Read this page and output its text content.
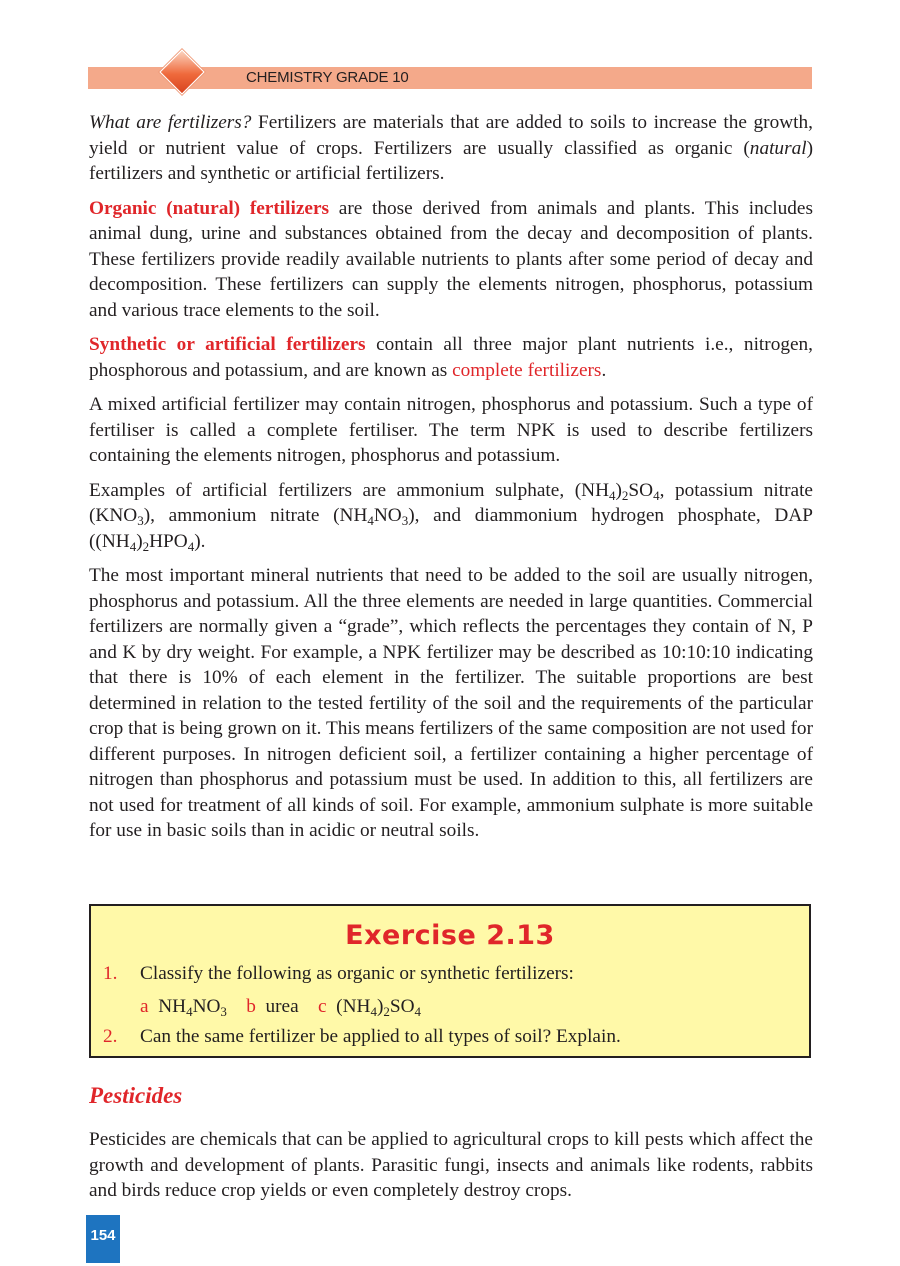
CHEMISTRY GRADE 10

What are fertilizers? Fertilizers are materials that are added to soils to increase the growth, yield or nutrient value of crops. Fertilizers are usually classified as organic (natural) fertilizers and synthetic or artificial fertilizers.

Organic (natural) fertilizers are those derived from animals and plants. This includes animal dung, urine and substances obtained from the decay and decomposition of plants. These fertilizers provide readily available nutrients to plants after some period of decay and decomposition. These fertilizers can supply the elements nitrogen, phosphorus, potassium and various trace elements to the soil.

Synthetic or artificial fertilizers contain all three major plant nutrients i.e., nitrogen, phosphorous and potassium, and are known as complete fertilizers.

A mixed artificial fertilizer may contain nitrogen, phosphorus and potassium. Such a type of fertiliser is called a complete fertiliser. The term NPK is used to describe fertilizers containing the elements nitrogen, phosphorus and potassium.

Examples of artificial fertilizers are ammonium sulphate, $(NH_4)_2SO_4$, potassium nitrate $(KNO_3)$, ammonium nitrate $(NH_4NO_3)$, and diammonium hydrogen phosphate, DAP $((NH_4)_2HPO_4)$.

The most important mineral nutrients that need to be added to the soil are usually nitrogen, phosphorus and potassium. All the three elements are needed in large quantities. Commercial fertilizers are normally given a “grade”, which reflects the percentages they contain of N, P and K by dry weight. For example, a NPK fertilizer may be described as 10:10:10 indicating that there is 10% of each element in the fertilizer. The suitable proportions are best determined in relation to the tested fertility of the soil and the requirements of the particular crop that is being grown on it. This means fertilizers of the same composition are not used for different purposes. In nitrogen deficient soil, a fertilizer containing a higher percentage of nitrogen than phosphorus and potassium must be used. In addition to this, all fertilizers are not used for treatment of all kinds of soil. For example, ammonium sulphate is more suitable for use in basic soils than in acidic or neutral soils.

Exercise 2.13
1. Classify the following as organic or synthetic fertilizers:
a $NH_4NO_3$ b urea c $(NH_4)_2SO_4$
2. Can the same fertilizer be applied to all types of soil? Explain.
Pesticides

Pesticides are chemicals that can be applied to agricultural crops to kill pests which affect the growth and development of plants. Parasitic fungi, insects and animals like rodents, rabbits and birds reduce crop yields or even completely destroy crops.

154
